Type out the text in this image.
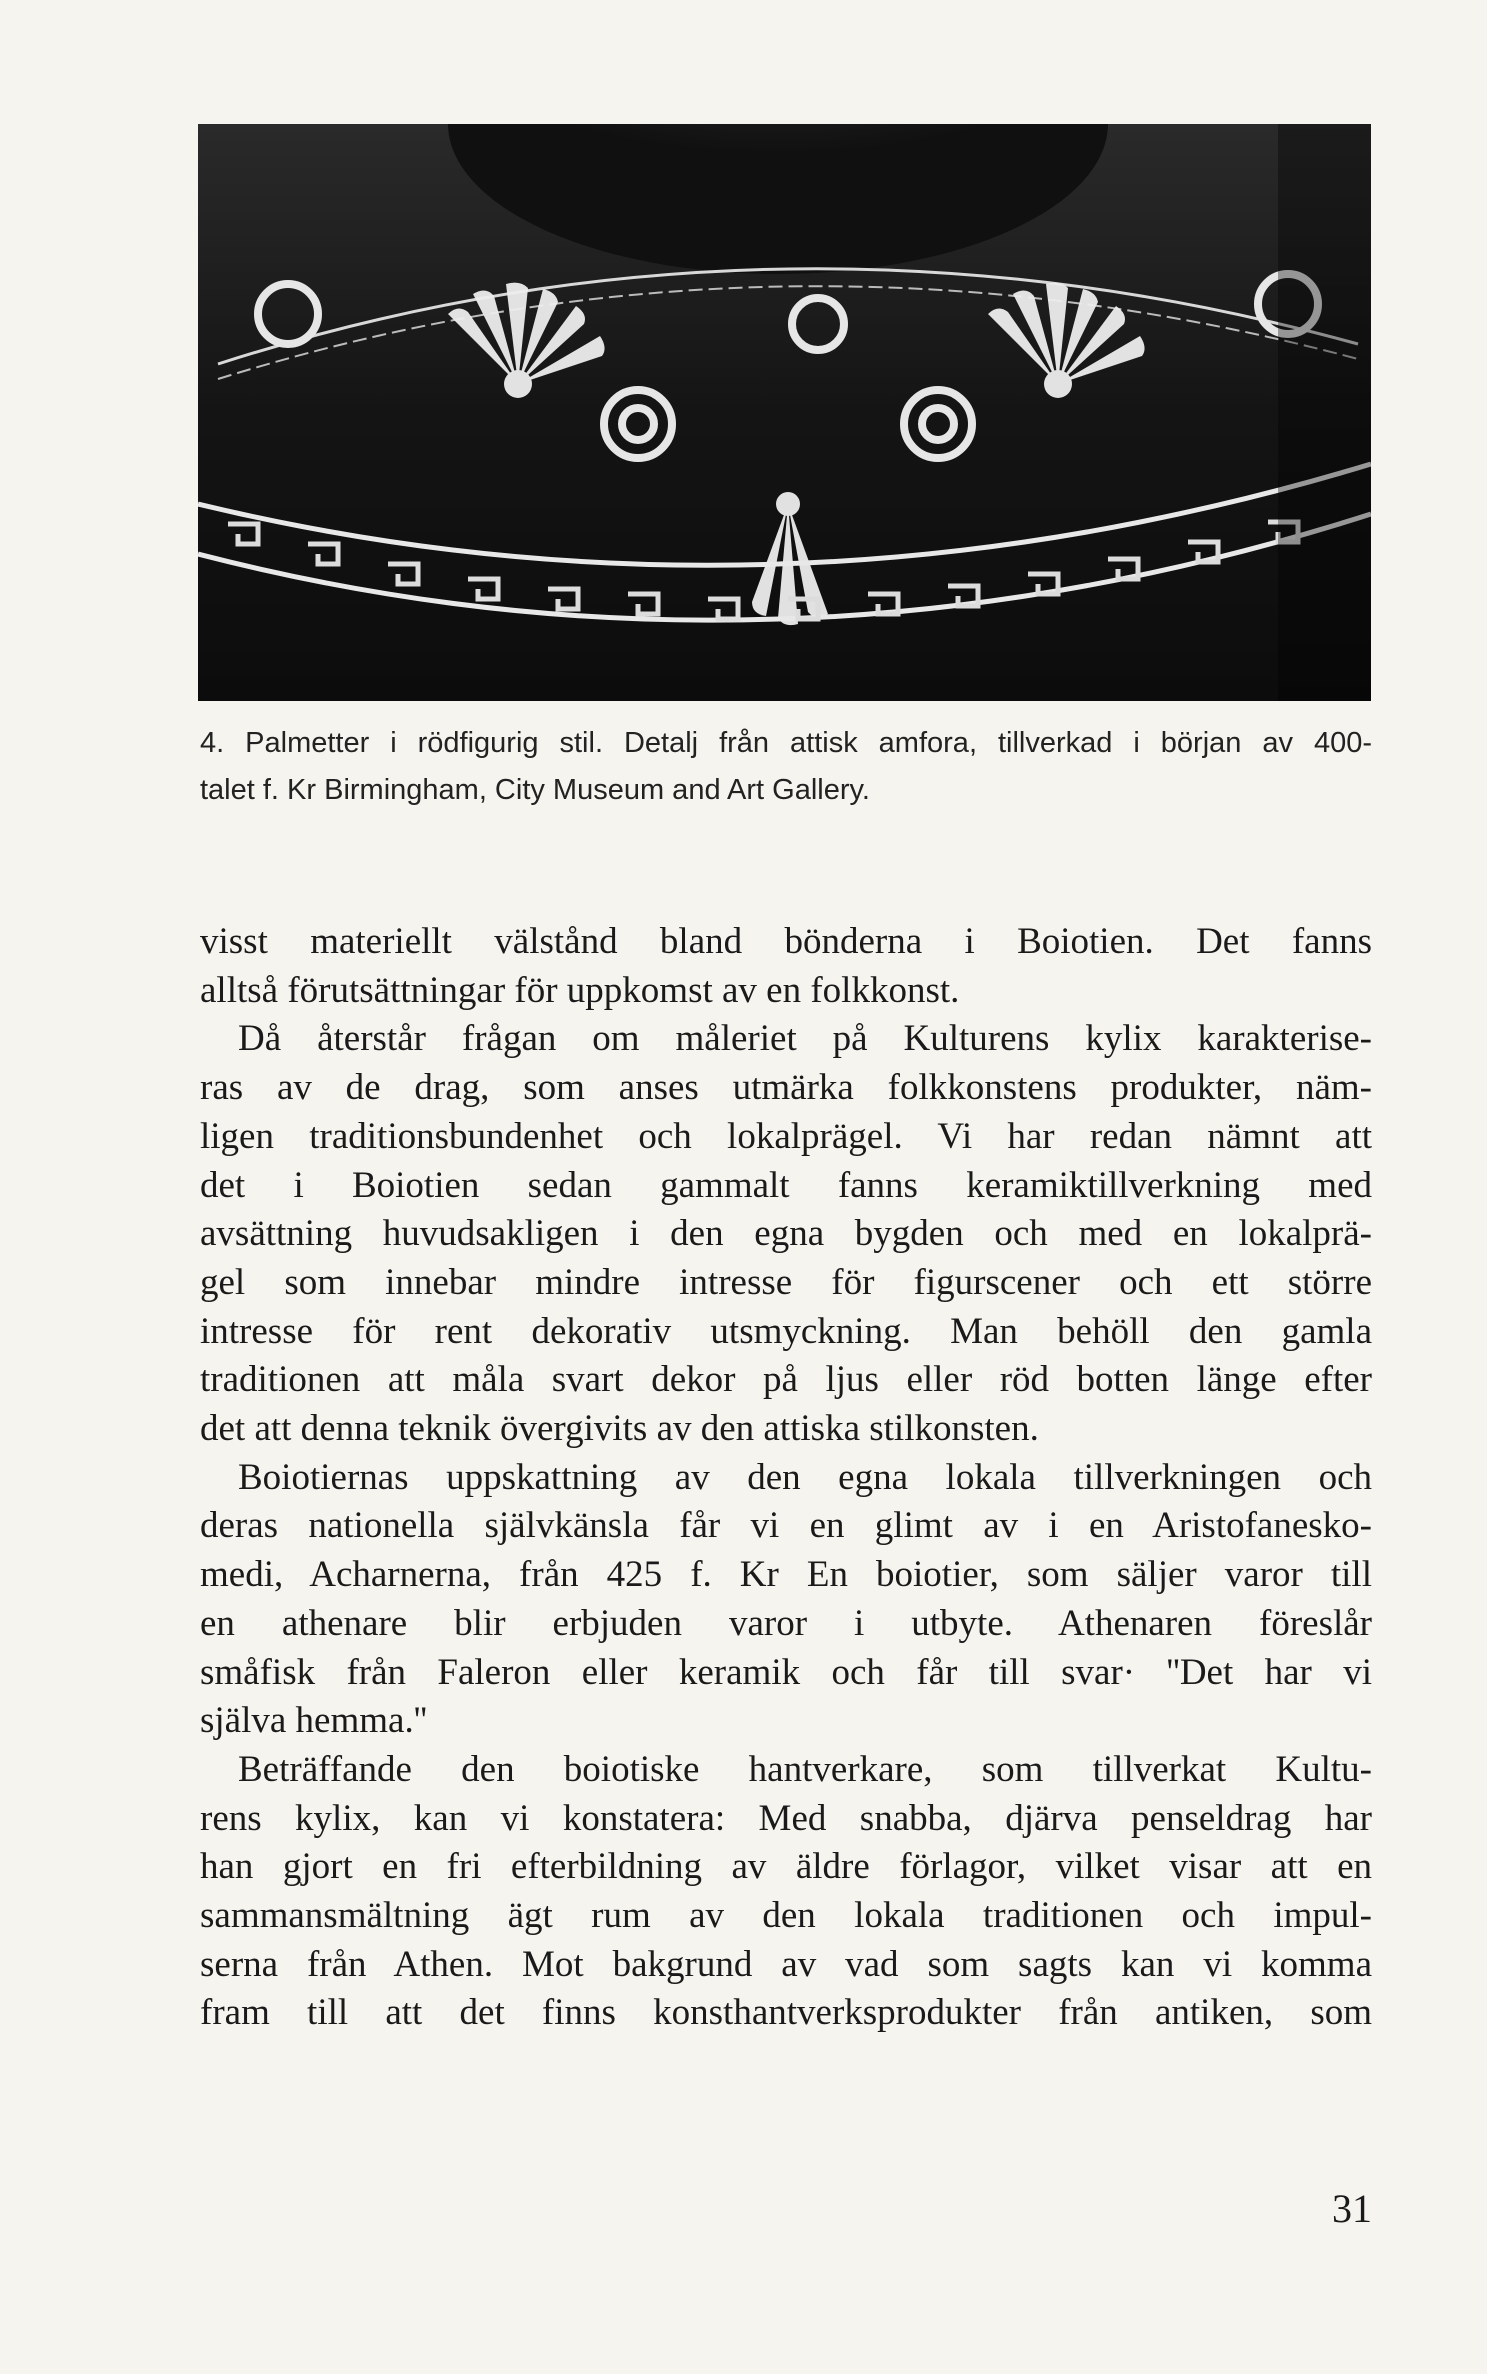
4. Palmetter i rödfigurig stil. Detalj från attisk amfora, tillverkad i början av 400-
talet f. Kr Birmingham, City Museum and Art Gallery.
visst materiellt välstånd bland bönderna i Boiotien. Det fanns
alltså förutsättningar för uppkomst av en folkkonst.
Då återstår frågan om måleriet på Kulturens kylix karakterise-
ras av de drag, som anses utmärka folkkonstens produkter, näm-
ligen traditionsbundenhet och lokalprägel. Vi har redan nämnt att
det i Boiotien sedan gammalt fanns keramiktillverkning med
avsättning huvudsakligen i den egna bygden och med en lokalprä-
gel som innebar mindre intresse för figurscener och ett större
intresse för rent dekorativ utsmyckning. Man behöll den gamla
traditionen att måla svart dekor på ljus eller röd botten länge efter
det att denna teknik övergivits av den attiska stilkonsten.
Boiotiernas uppskattning av den egna lokala tillverkningen och
deras nationella självkänsla får vi en glimt av i en Aristofanesko-
medi, Acharnerna, från 425 f. Kr En boiotier, som säljer varor till
en athenare blir erbjuden varor i utbyte. Athenaren föreslår
småfisk från Faleron eller keramik och får till svar· ''Det har vi
själva hemma.''
Beträffande den boiotiske hantverkare, som tillverkat Kultu-
rens kylix, kan vi konstatera: Med snabba, djärva penseldrag har
han gjort en fri efterbildning av äldre förlagor, vilket visar att en
sammansmältning ägt rum av den lokala traditionen och impul-
serna från Athen. Mot bakgrund av vad som sagts kan vi komma
fram till att det finns konsthantverksprodukter från antiken, som
31
